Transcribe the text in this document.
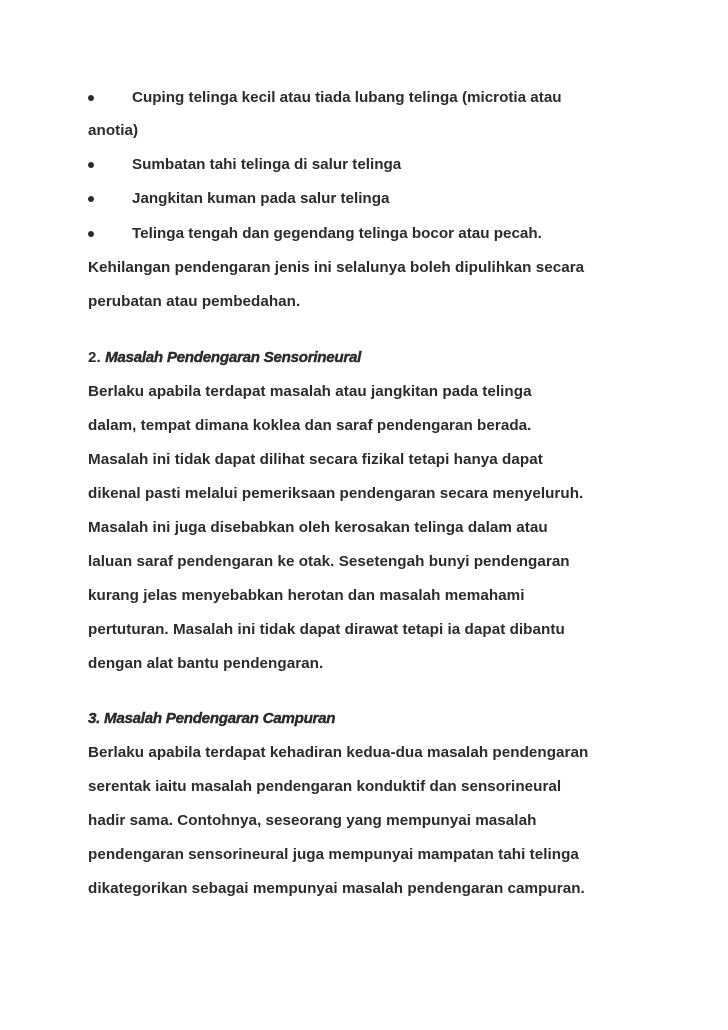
Cuping telinga kecil atau tiada lubang telinga (microtia atau
anotia)
Sumbatan tahi telinga di salur telinga
Jangkitan kuman pada salur telinga
Telinga tengah dan gegendang telinga bocor atau pecah.
Kehilangan pendengaran jenis ini selalunya boleh dipulihkan secara
perubatan atau pembedahan.
2. Masalah Pendengaran Sensorineural
Berlaku apabila terdapat masalah atau jangkitan pada telinga
dalam, tempat dimana koklea dan saraf pendengaran berada.
Masalah ini tidak dapat dilihat secara fizikal tetapi hanya dapat
dikenal pasti melalui pemeriksaan pendengaran secara menyeluruh.
Masalah ini juga disebabkan oleh kerosakan telinga dalam atau
laluan saraf pendengaran ke otak. Sesetengah bunyi pendengaran
kurang jelas menyebabkan herotan dan masalah memahami
pertuturan. Masalah ini tidak dapat dirawat tetapi ia dapat dibantu
dengan alat bantu pendengaran.
3. Masalah Pendengaran Campuran
Berlaku apabila terdapat kehadiran kedua-dua masalah pendengaran
serentak iaitu masalah pendengaran konduktif dan sensorineural
hadir sama. Contohnya, seseorang yang mempunyai masalah
pendengaran sensorineural juga mempunyai mampatan tahi telinga
dikategorikan sebagai mempunyai masalah pendengaran campuran.
